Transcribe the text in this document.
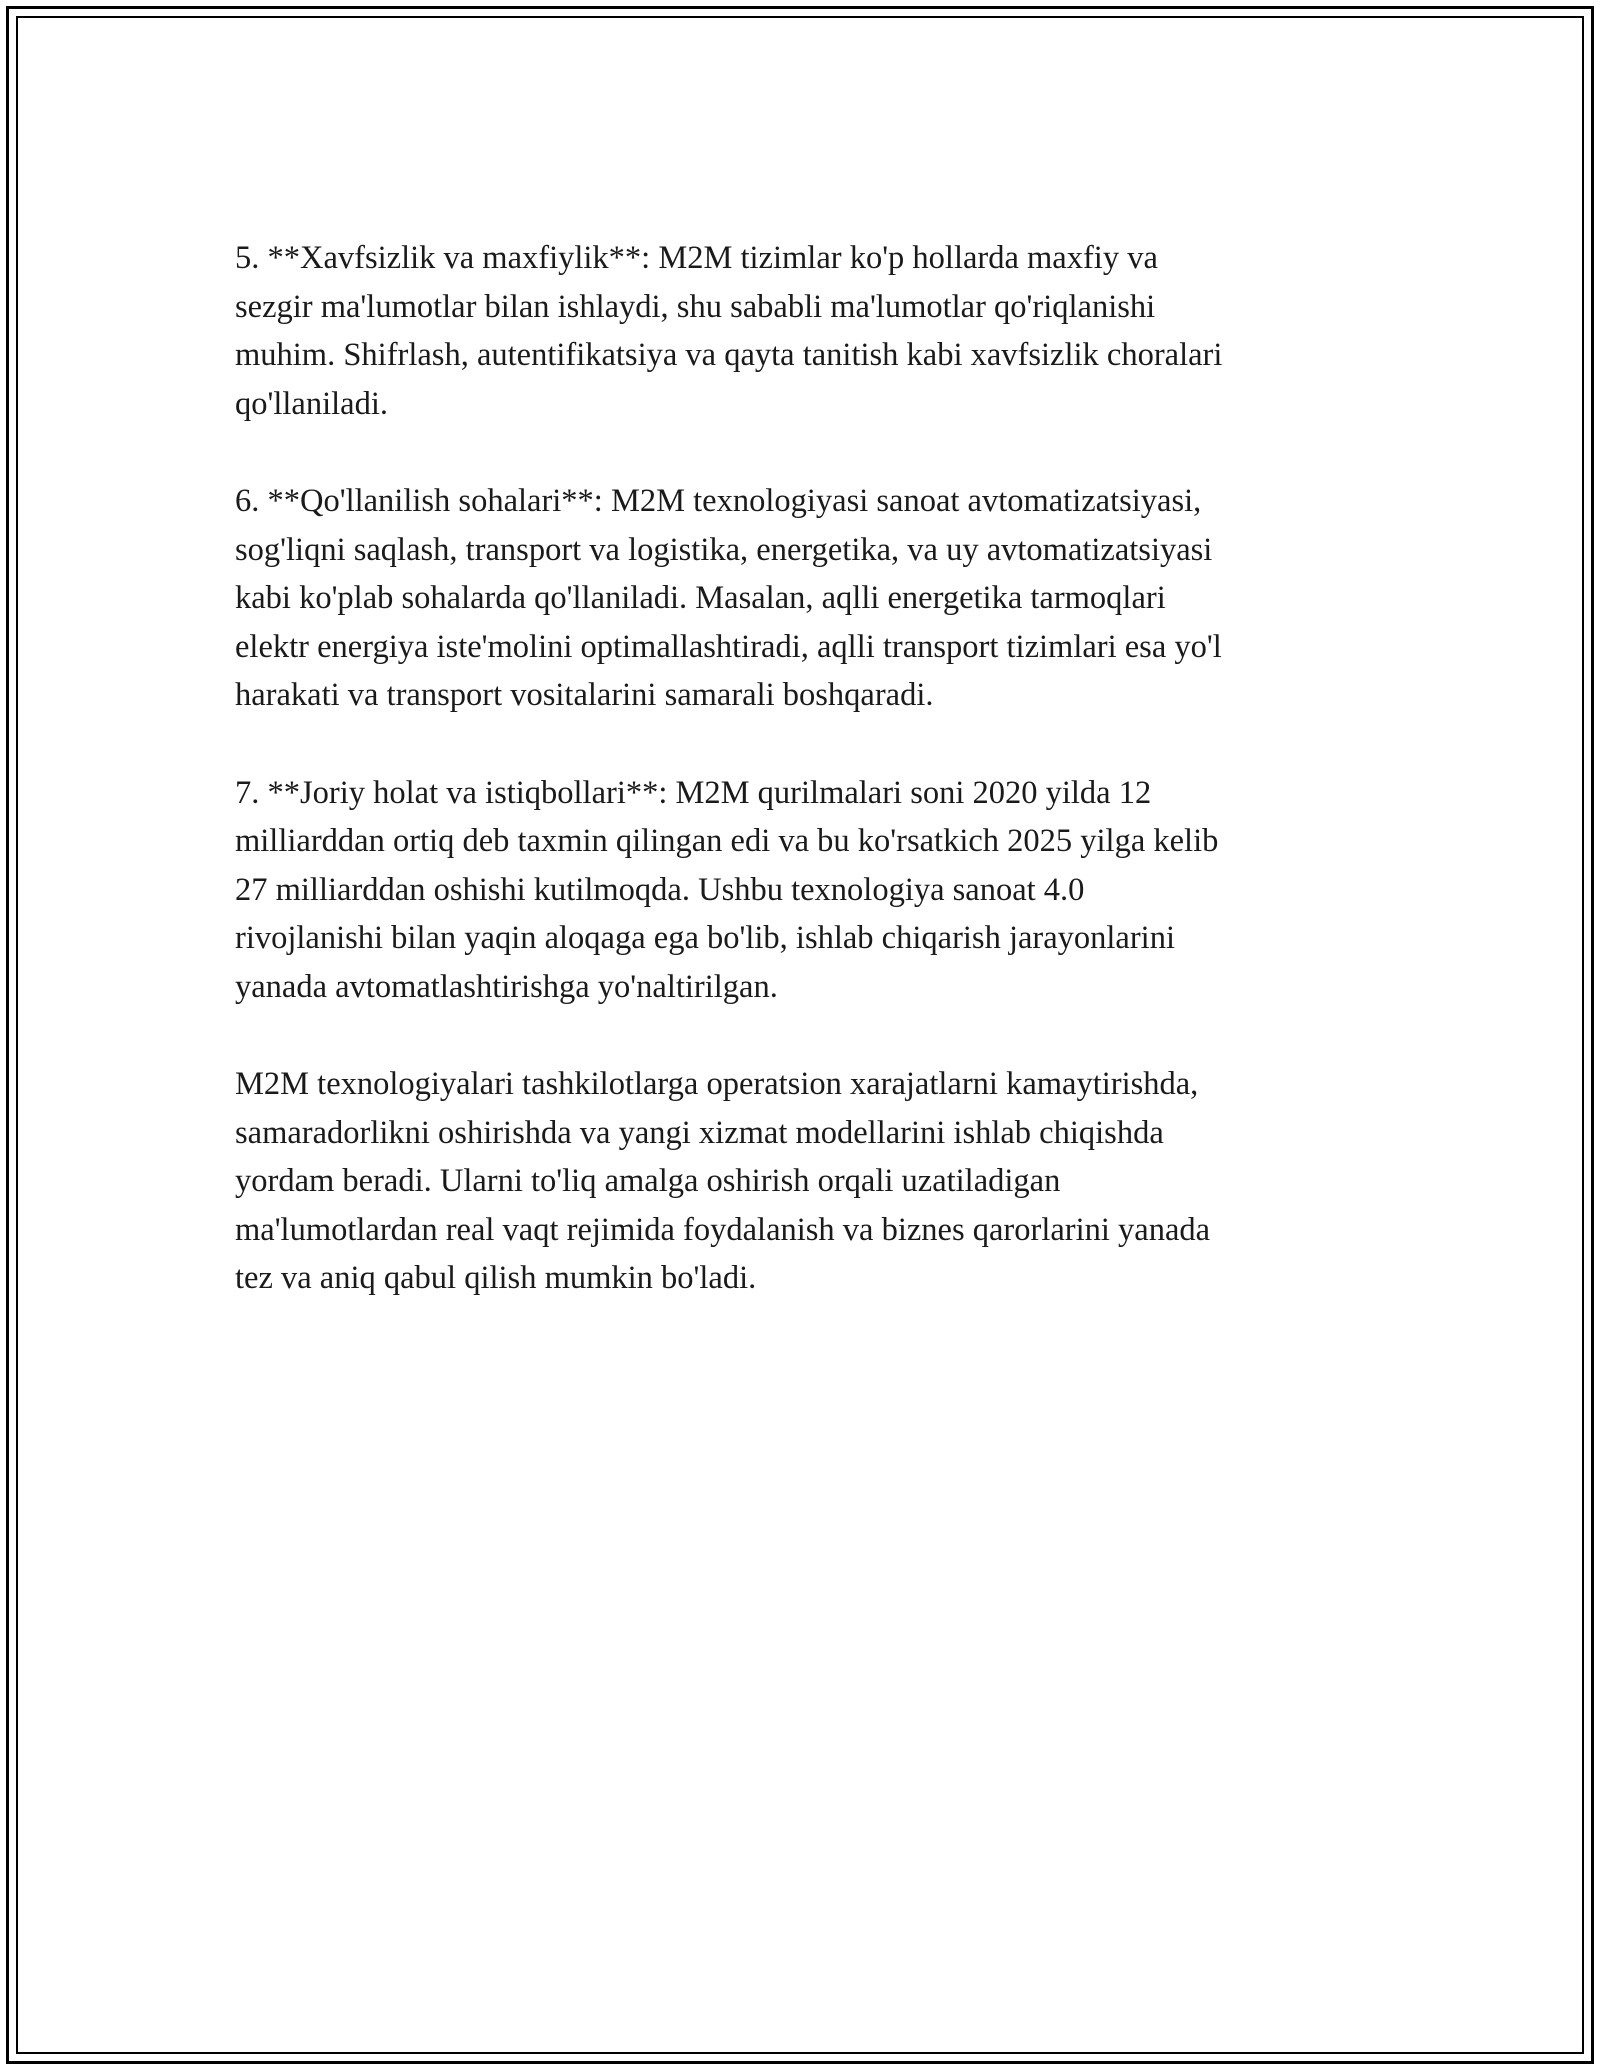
5. **Xavfsizlik va maxfiylik**: M2M tizimlar ko'p hollarda maxfiy va
sezgir ma'lumotlar bilan ishlaydi, shu sababli ma'lumotlar qo'riqlanishi
muhim. Shifrlash, autentifikatsiya va qayta tanitish kabi xavfsizlik choralari
qo'llaniladi.

6. **Qo'llanilish sohalari**: M2M texnologiyasi sanoat avtomatizatsiyasi,
sog'liqni saqlash, transport va logistika, energetika, va uy avtomatizatsiyasi
kabi ko'plab sohalarda qo'llaniladi. Masalan, aqlli energetika tarmoqlari
elektr energiya iste'molini optimallashtiradi, aqlli transport tizimlari esa yo'l
harakati va transport vositalarini samarali boshqaradi.

7. **Joriy holat va istiqbollari**: M2M qurilmalari soni 2020 yilda 12
milliarddan ortiq deb taxmin qilingan edi va bu ko'rsatkich 2025 yilga kelib
27 milliarddan oshishi kutilmoqda. Ushbu texnologiya sanoat 4.0
rivojlanishi bilan yaqin aloqaga ega bo'lib, ishlab chiqarish jarayonlarini
yanada avtomatlashtirishga yo'naltirilgan.

M2M texnologiyalari tashkilotlarga operatsion xarajatlarni kamaytirishda,
samaradorlikni oshirishda va yangi xizmat modellarini ishlab chiqishda
yordam beradi. Ularni to'liq amalga oshirish orqali uzatiladigan
ma'lumotlardan real vaqt rejimida foydalanish va biznes qarorlarini yanada
tez va aniq qabul qilish mumkin bo'ladi.
